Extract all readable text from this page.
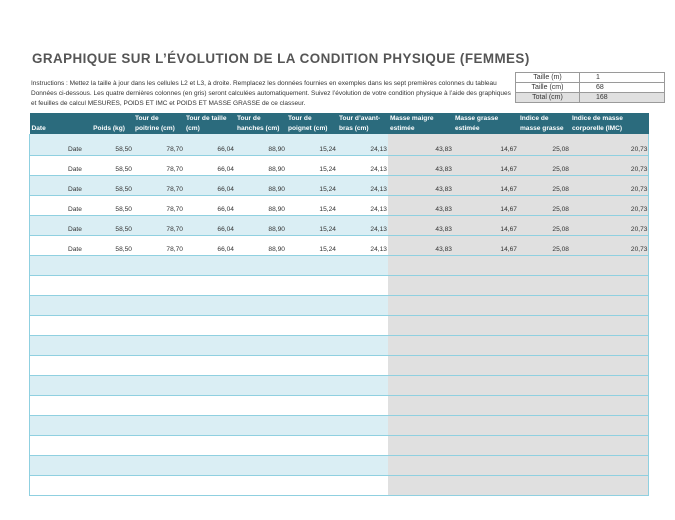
GRAPHIQUE SUR L’ÉVOLUTION DE LA CONDITION PHYSIQUE (FEMMES)
Instructions : Mettez la taille à jour dans les cellules L2 et L3, à droite. Remplacez les données fournies en exemples dans les sept premières colonnes du tableau Données ci-dessous. Les quatre dernières colonnes (en gris) seront calculées automatiquement. Suivez l’évolution de votre condition physique à l’aide des graphiques et feuilles de calcul MESURES, POIDS ET IMC et POIDS ET MASSE GRASSE de ce classeur.
Taille (m)	1
Taille (cm)	68
Total (cm)	168
Date	Poids (kg)	Tour de poitrine (cm)	Tour de taille (cm)	Tour de hanches (cm)	Tour de poignet (cm)	Tour d’avant-bras (cm)	Masse maigre estimée	Masse grasse estimée	Indice de masse grasse	Indice de masse corporelle (IMC)
Date	58,50	78,70	66,04	88,90	15,24	24,13	43,83	14,67	25,08	20,73
Date	58,50	78,70	66,04	88,90	15,24	24,13	43,83	14,67	25,08	20,73
Date	58,50	78,70	66,04	88,90	15,24	24,13	43,83	14,67	25,08	20,73
Date	58,50	78,70	66,04	88,90	15,24	24,13	43,83	14,67	25,08	20,73
Date	58,50	78,70	66,04	88,90	15,24	24,13	43,83	14,67	25,08	20,73
Date	58,50	78,70	66,04	88,90	15,24	24,13	43,83	14,67	25,08	20,73
